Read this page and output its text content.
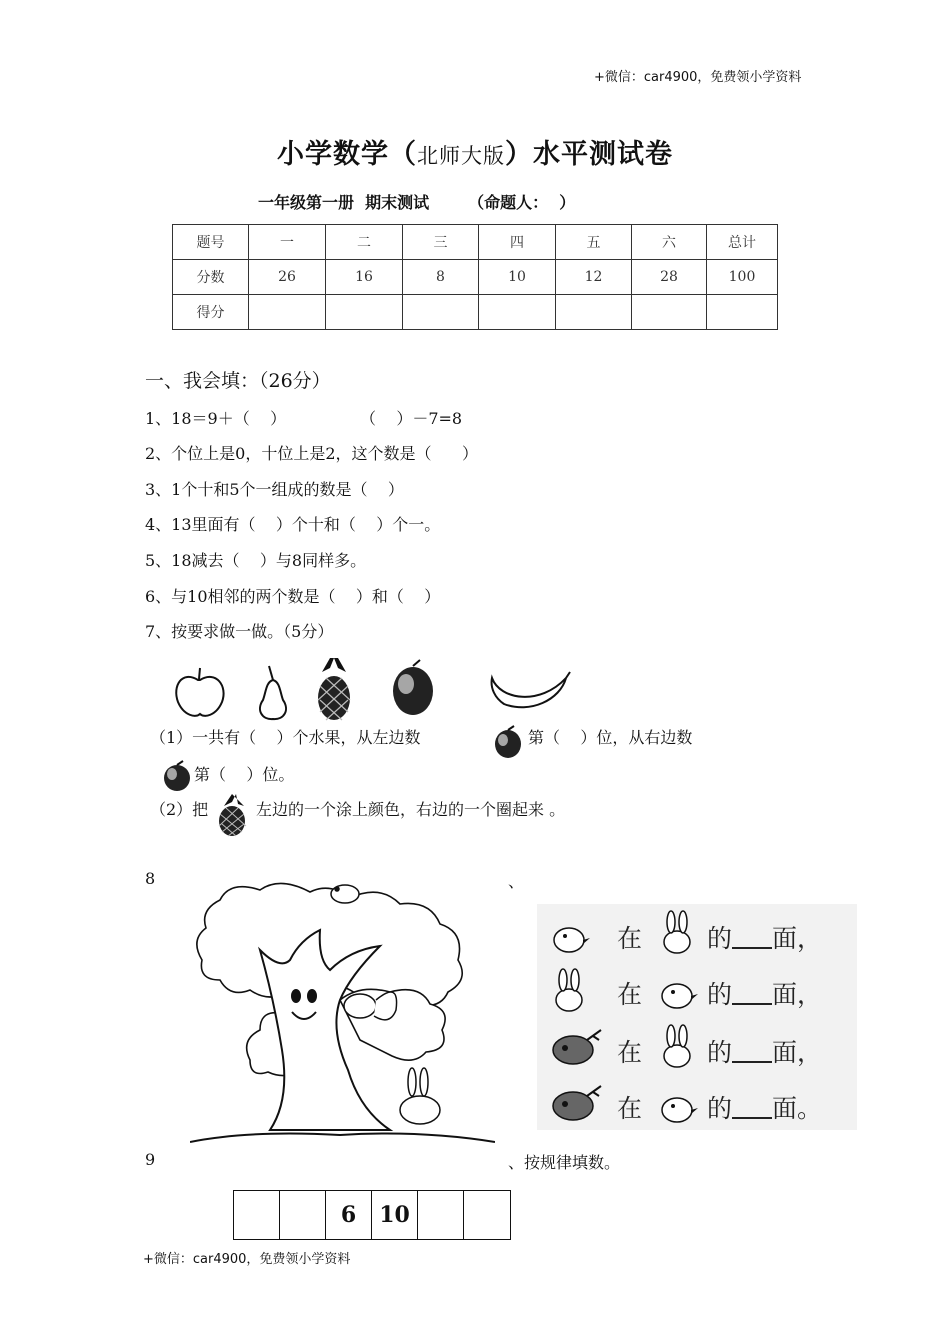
+微信：car4900，免费领小学资料
小学数学（北师大版）水平测试卷
一年级第一册  期末测试       （命题人：  ）
题号	一	二	三	四	五	六	总计
分数	26	16	8	10	12	28	100
得分							
一、我会填：（26分）
1、18＝9＋（    ）	（    ）－7=8
2、个位上是0，十位上是2，这个数是（      ）
3、1个十和5个一组成的数是（    ）
4、13里面有（    ）个十和（    ）个一。
5、18减去（    ）与8同样多。
6、与10相邻的两个数是（    ）和（    ）
7、按要求做一做。（5分）
（1）一共有（    ）个水果，从左边数	第（    ）位，从右边数
第（    ）位。
（2）把	左边的一个涂上颜色，右边的一个圈起来 。
8	、
在	的 面，
在	的 面，
在	的 面，
在	的 面。
9	、按规律填数。
6	10
+微信：car4900，免费领小学资料
